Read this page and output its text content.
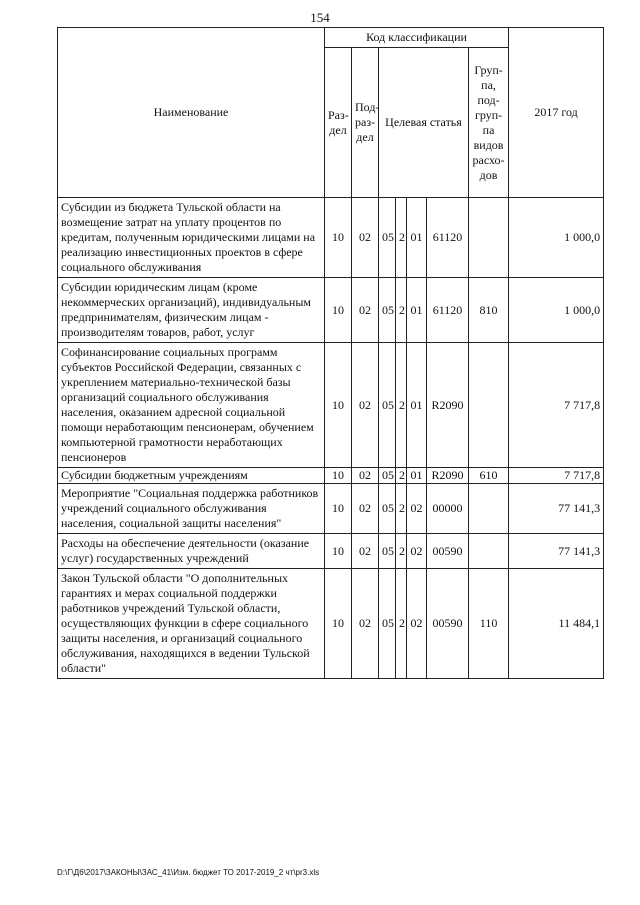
154
Наименование	Код классификации							2017 год
	Раз-дел	Под-раз-дел	Целевая статья				Груп-па, под-груп-па видов расхо-дов	
Субсидии из бюджета Тульской области на возмещение затрат на уплату процентов по кредитам, полученным юридическими лицами на реализацию инвестиционных проектов в сфере социального обслуживания	10	02	05	2	01	61120		1 000,0
Субсидии юридическим лицам (кроме некоммерческих организаций), индивидуальным предпринимателям, физическим лицам - производителям товаров, работ, услуг	10	02	05	2	01	61120	810	1 000,0
Софинансирование социальных программ субъектов Российской Федерации, связанных с укреплением материально-технической базы организаций социального обслуживания населения, оказанием адресной социальной помощи неработающим пенсионерам, обучением компьютерной грамотности неработающих пенсионеров	10	02	05	2	01	R2090		7 717,8
Субсидии бюджетным учреждениям	10	02	05	2	01	R2090	610	7 717,8
Мероприятие "Социальная поддержка работников учреждений социального обслуживания населения, социальной защиты населения"	10	02	05	2	02	00000		77 141,3
Расходы на обеспечение деятельности (оказание услуг) государственных учреждений	10	02	05	2	02	00590		77 141,3
Закон Тульской области "О дополнительных гарантиях и мерах социальной поддержки работников учреждений Тульской области, осуществляющих функции в сфере социального защиты населения, и организаций социального обслуживания, находящихся в ведении Тульской области"	10	02	05	2	02	00590	110	11 484,1
D:\Г\Д6\2017\ЗАКОНЫ\ЗАС_41\Изм. бюджет ТО 2017-2019_2 чт\pr3.xls
